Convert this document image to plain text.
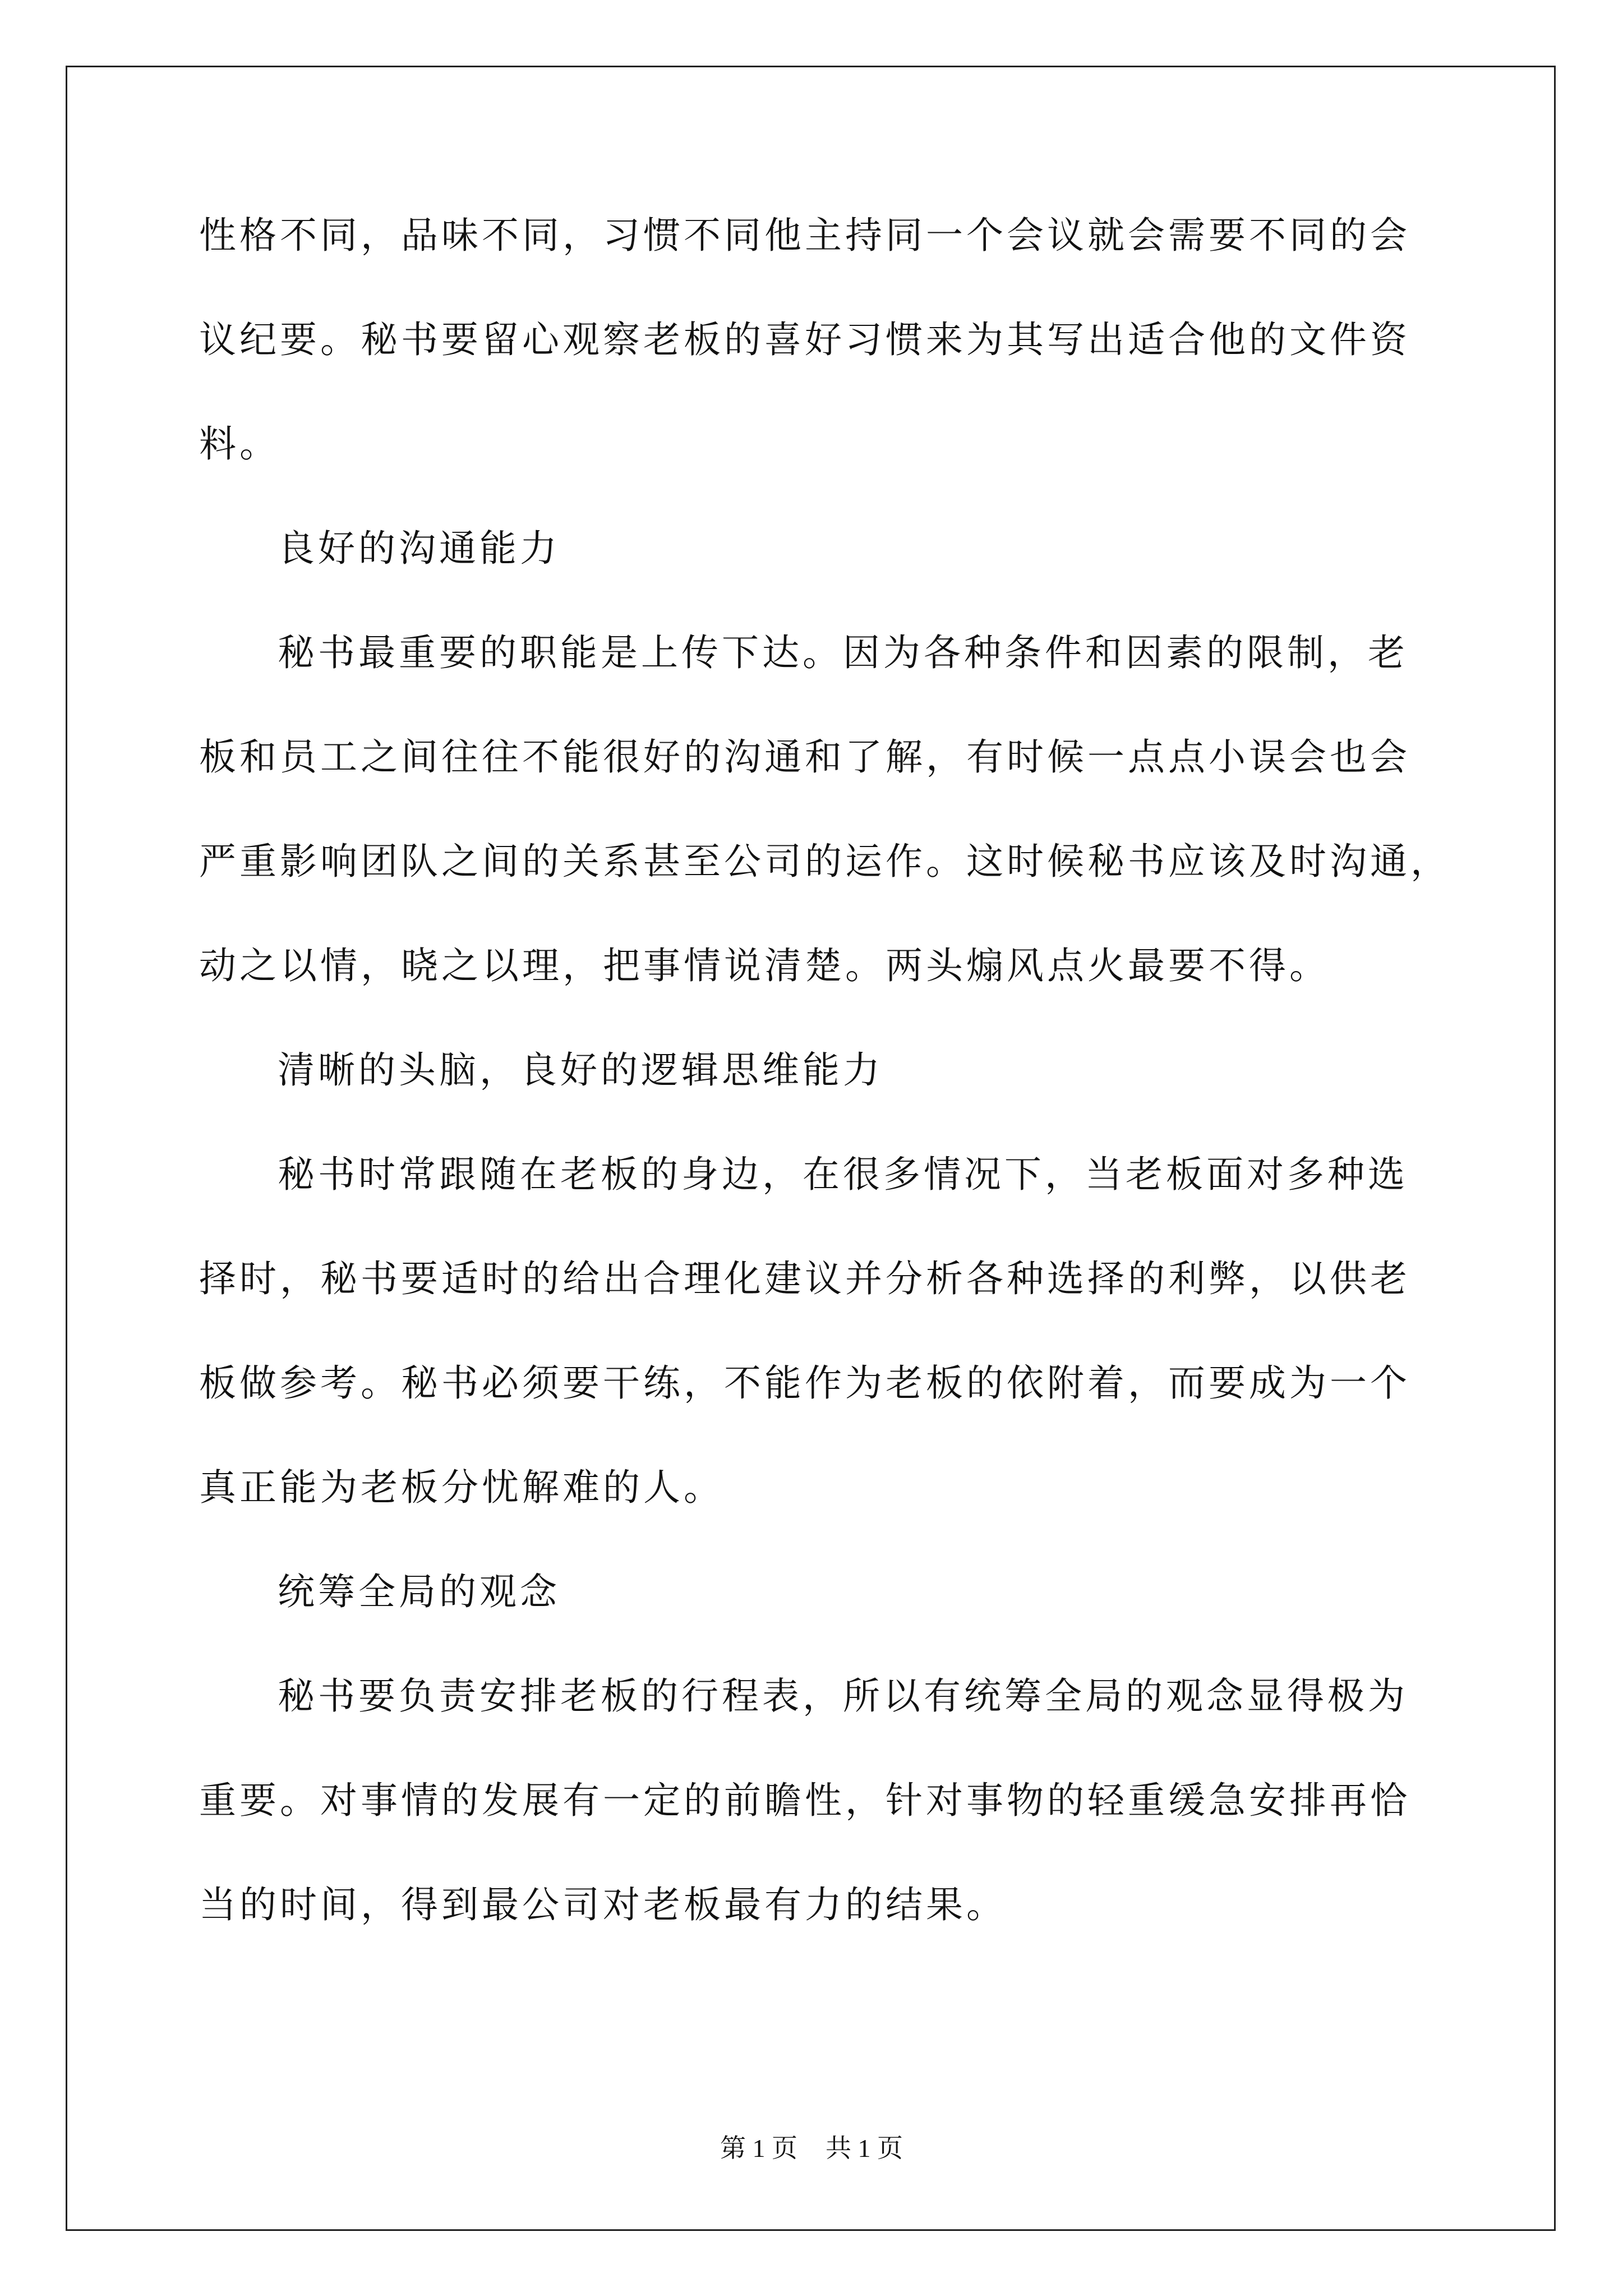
性格不同，品味不同，习惯不同他主持同一个会议就会需要不同的会
议纪要。秘书要留心观察老板的喜好习惯来为其写出适合他的文件资
料。
良好的沟通能力
秘书最重要的职能是上传下达。因为各种条件和因素的限制，老
板和员工之间往往不能很好的沟通和了解，有时候一点点小误会也会
严重影响团队之间的关系甚至公司的运作。这时候秘书应该及时沟通，
动之以情，晓之以理，把事情说清楚。两头煽风点火最要不得。
清晰的头脑，良好的逻辑思维能力
秘书时常跟随在老板的身边，在很多情况下，当老板面对多种选
择时，秘书要适时的给出合理化建议并分析各种选择的利弊，以供老
板做参考。秘书必须要干练，不能作为老板的依附着，而要成为一个
真正能为老板分忧解难的人。
统筹全局的观念
秘书要负责安排老板的行程表，所以有统筹全局的观念显得极为
重要。对事情的发展有一定的前瞻性，针对事物的轻重缓急安排再恰
当的时间，得到最公司对老板最有力的结果。
第 1 页 共 1 页
